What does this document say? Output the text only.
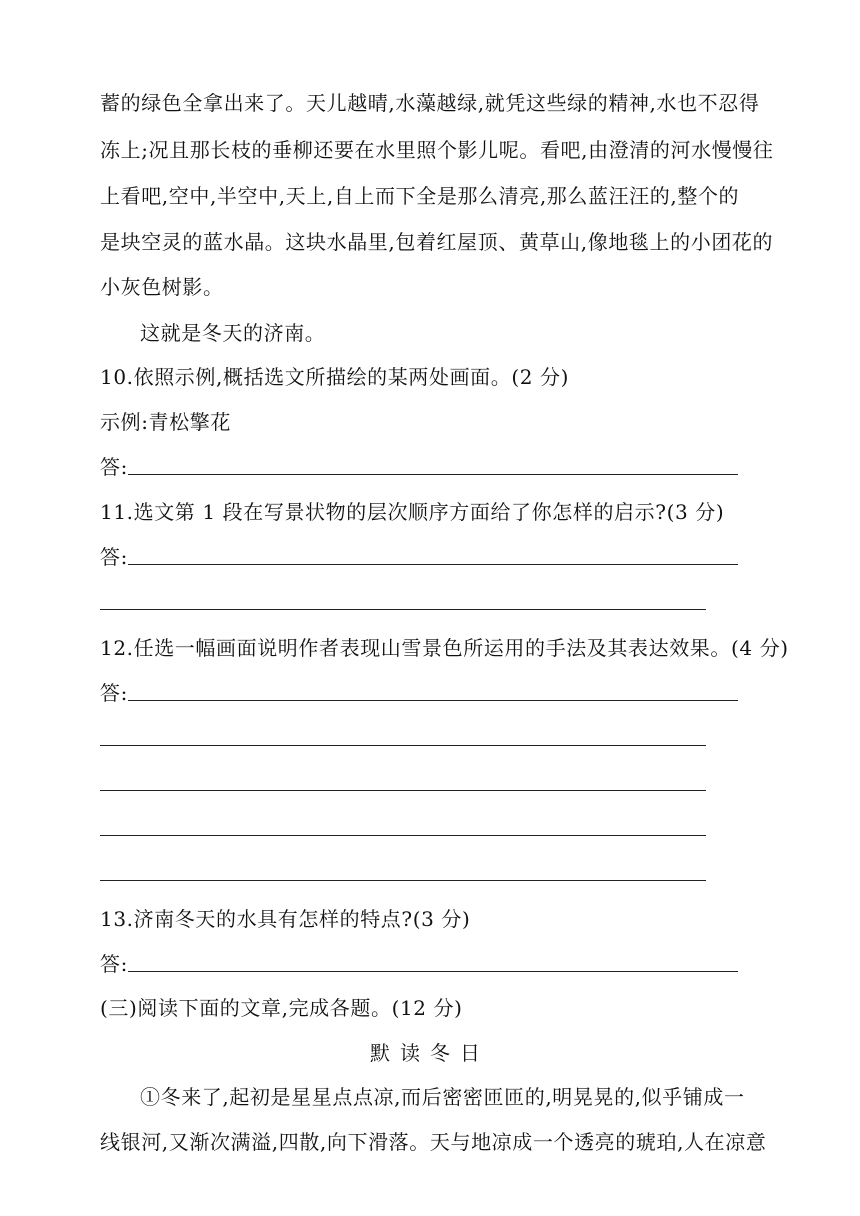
蓄的绿色全拿出来了。天儿越晴,水藻越绿,就凭这些绿的精神,水也不忍得
冻上;况且那长枝的垂柳还要在水里照个影儿呢。看吧,由澄清的河水慢慢往
上看吧,空中,半空中,天上,自上而下全是那么清亮,那么蓝汪汪的,整个的
是块空灵的蓝水晶。这块水晶里,包着红屋顶、黄草山,像地毯上的小团花的
小灰色树影。
这就是冬天的济南。
10.依照示例,概括选文所描绘的某两处画面。(2 分)
示例:青松擎花
答:
11.选文第 1 段在写景状物的层次顺序方面给了你怎样的启示?(3 分)
答:
12.任选一幅画面说明作者表现山雪景色所运用的手法及其表达效果。(4 分)
答:
13.济南冬天的水具有怎样的特点?(3 分)
答:
(三)阅读下面的文章,完成各题。(12 分)
默读冬日
①冬来了,起初是星星点点凉,而后密密匝匝的,明晃晃的,似乎铺成一
线银河,又渐次满溢,四散,向下滑落。天与地凉成一个透亮的琥珀,人在凉意
